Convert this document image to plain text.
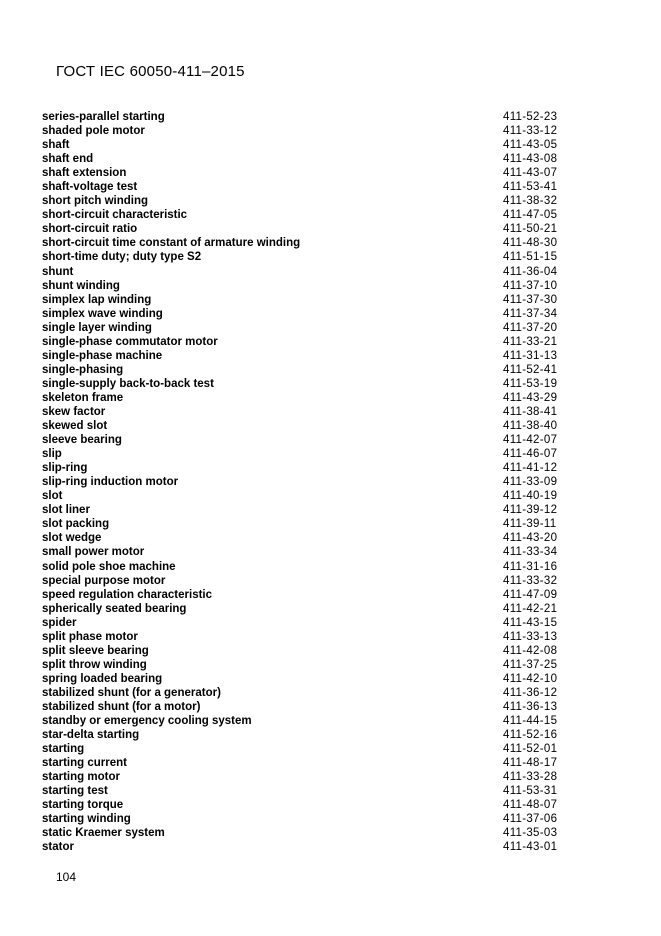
ГОСТ IEC 60050-411–2015
series-parallel starting	411-52-23
shaded pole motor	411-33-12
shaft	411-43-05
shaft end	411-43-08
shaft extension	411-43-07
shaft-voltage test	411-53-41
short pitch winding	411-38-32
short-circuit characteristic	411-47-05
short-circuit ratio	411-50-21
short-circuit time constant of armature winding	411-48-30
short-time duty; duty type S2	411-51-15
shunt	411-36-04
shunt winding	411-37-10
simplex lap winding	411-37-30
simplex wave winding	411-37-34
single layer winding	411-37-20
single-phase commutator motor	411-33-21
single-phase machine	411-31-13
single-phasing	411-52-41
single-supply back-to-back test	411-53-19
skeleton frame	411-43-29
skew factor	411-38-41
skewed slot	411-38-40
sleeve bearing	411-42-07
slip	411-46-07
slip-ring	411-41-12
slip-ring induction motor	411-33-09
slot	411-40-19
slot liner	411-39-12
slot packing	411-39-11
slot wedge	411-43-20
small power motor	411-33-34
solid pole shoe machine	411-31-16
special purpose motor	411-33-32
speed regulation characteristic	411-47-09
spherically seated bearing	411-42-21
spider	411-43-15
split phase motor	411-33-13
split sleeve bearing	411-42-08
split throw winding	411-37-25
spring loaded bearing	411-42-10
stabilized shunt (for a generator)	411-36-12
stabilized shunt (for a motor)	411-36-13
standby or emergency cooling system	411-44-15
star-delta starting	411-52-16
starting	411-52-01
starting current	411-48-17
starting motor	411-33-28
starting test	411-53-31
starting torque	411-48-07
starting winding	411-37-06
static Kraemer system	411-35-03
stator	411-43-01
104
